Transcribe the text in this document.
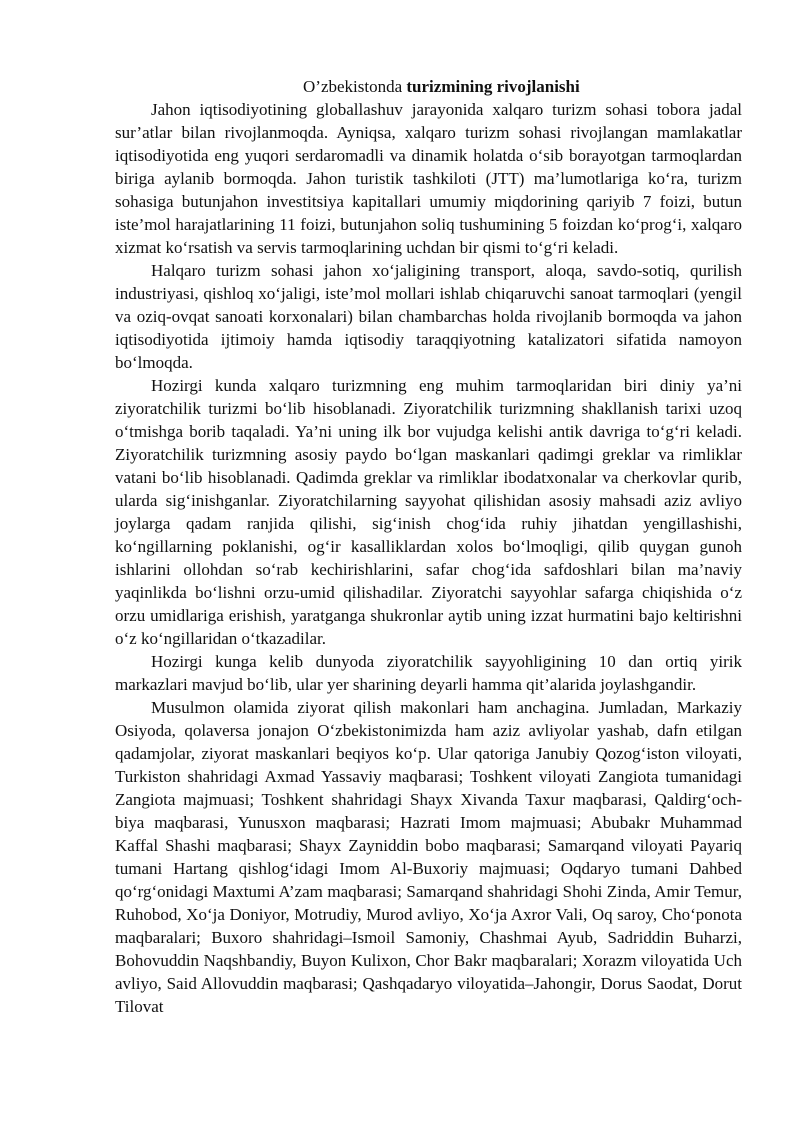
O’zbekistonda turizmining rivojlanishi

Jahon iqtisodiyotining globallashuv jarayonida xalqaro turizm sohasi tobora jadal sur’atlar bilan rivojlanmoqda. Ayniqsa, xalqaro turizm sohasi rivojlangan mamlakatlar iqtisodiyotida eng yuqori serdaromadli va dinamik holatda o‘sib borayotgan tarmoqlardan biriga aylanib bormoqda. Jahon turistik tashkiloti (JTT) ma’lumotlariga ko‘ra, turizm sohasiga butunjahon investitsiya kapitallari umumiy miqdorining qariyib 7 foizi, butun iste’mol harajatlarining 11 foizi, butunjahon soliq tushumining 5 foizdan ko‘prog‘i, xalqaro xizmat ko‘rsatish va servis tarmoqlarining uchdan bir qismi to‘g‘ri keladi.

Halqaro turizm sohasi jahon xo‘jaligining transport, aloqa, savdo-sotiq, qurilish industriyasi, qishloq xo‘jaligi, iste’mol mollari ishlab chiqaruvchi sanoat tarmoqlari (yengil va oziq-ovqat sanoati korxonalari) bilan chambarchas holda rivojlanib bormoqda va jahon iqtisodiyotida ijtimoiy hamda iqtisodiy taraqqiyotning katalizatori sifatida namoyon bo‘lmoqda.

Hozirgi kunda xalqaro turizmning eng muhim tarmoqlaridan biri diniy ya’ni ziyoratchilik turizmi bo‘lib hisoblanadi. Ziyoratchilik turizmning shakllanish tarixi uzoq o‘tmishga borib taqaladi. Ya’ni uning ilk bor vujudga kelishi antik davriga to‘g‘ri keladi. Ziyoratchilik turizmning asosiy paydo bo‘lgan maskanlari qadimgi greklar va rimliklar vatani bo‘lib hisoblanadi. Qadimda greklar va rimliklar ibodatxonalar va cherkovlar qurib, ularda sig‘inishganlar. Ziyoratchilarning sayyohat qilishidan asosiy mahsadi aziz avliyo joylarga qadam ranjida qilishi, sig‘inish chog‘ida ruhiy jihatdan yengillashishi, ko‘ngillarning poklanishi, og‘ir kasalliklardan xolos bo‘lmoqligi, qilib quygan gunoh ishlarini ollohdan so‘rab kechirishlarini, safar chog‘ida safdoshlari bilan ma’naviy yaqinlikda bo‘lishni orzu-umid qilishadilar. Ziyoratchi sayyohlar safarga chiqishida o‘z orzu umidlariga erishish, yaratganga shukronlar aytib uning izzat hurmatini bajo keltirishni o‘z ko‘ngillaridan o‘tkazadilar.

Hozirgi kunga kelib dunyoda ziyoratchilik sayyohligining 10 dan ortiq yirik markazlari mavjud bo‘lib, ular yer sharining deyarli hamma qit’alarida joylashgandir.

Musulmon olamida ziyorat qilish makonlari ham anchagina. Jumladan, Markaziy Osiyoda, qolaversa jonajon O‘zbekistonimizda ham aziz avliyolar yashab, dafn etilgan qadamjolar, ziyorat maskanlari beqiyos ko‘p. Ular qatoriga Janubiy Qozog‘iston viloyati, Turkiston shahridagi Axmad Yassaviy maqbarasi; Toshkent viloyati Zangiota tumanidagi Zangiota majmuasi; Toshkent shahridagi Shayx Xivanda Taxur maqbarasi, Qaldirg‘och-biya maqbarasi, Yunusxon maqbarasi; Hazrati Imom majmuasi; Abubakr Muhammad Kaffal Shashi maqbarasi; Shayx Zayniddin bobo maqbarasi; Samarqand viloyati Payariq tumani Hartang qishlog‘idagi Imom Al-Buxoriy majmuasi; Oqdaryo tumani Dahbed qo‘rg‘onidagi Maxtumi A’zam maqbarasi; Samarqand shahridagi Shohi Zinda, Amir Temur, Ruhobod, Xo‘ja Doniyor, Motrudiy, Murod avliyo, Xo‘ja Axror Vali, Oq saroy, Cho‘ponota maqbaralari; Buxoro shahridagi–Ismoil Samoniy, Chashmai Ayub, Sadriddin Buharzi, Bohovuddin Naqshbandiy, Buyon Kulixon, Chor Bakr maqbaralari; Xorazm viloyatida Uch avliyo, Said Allovuddin maqbarasi; Qashqadaryo viloyatida–Jahongir, Dorus Saodat, Dorut Tilovat
